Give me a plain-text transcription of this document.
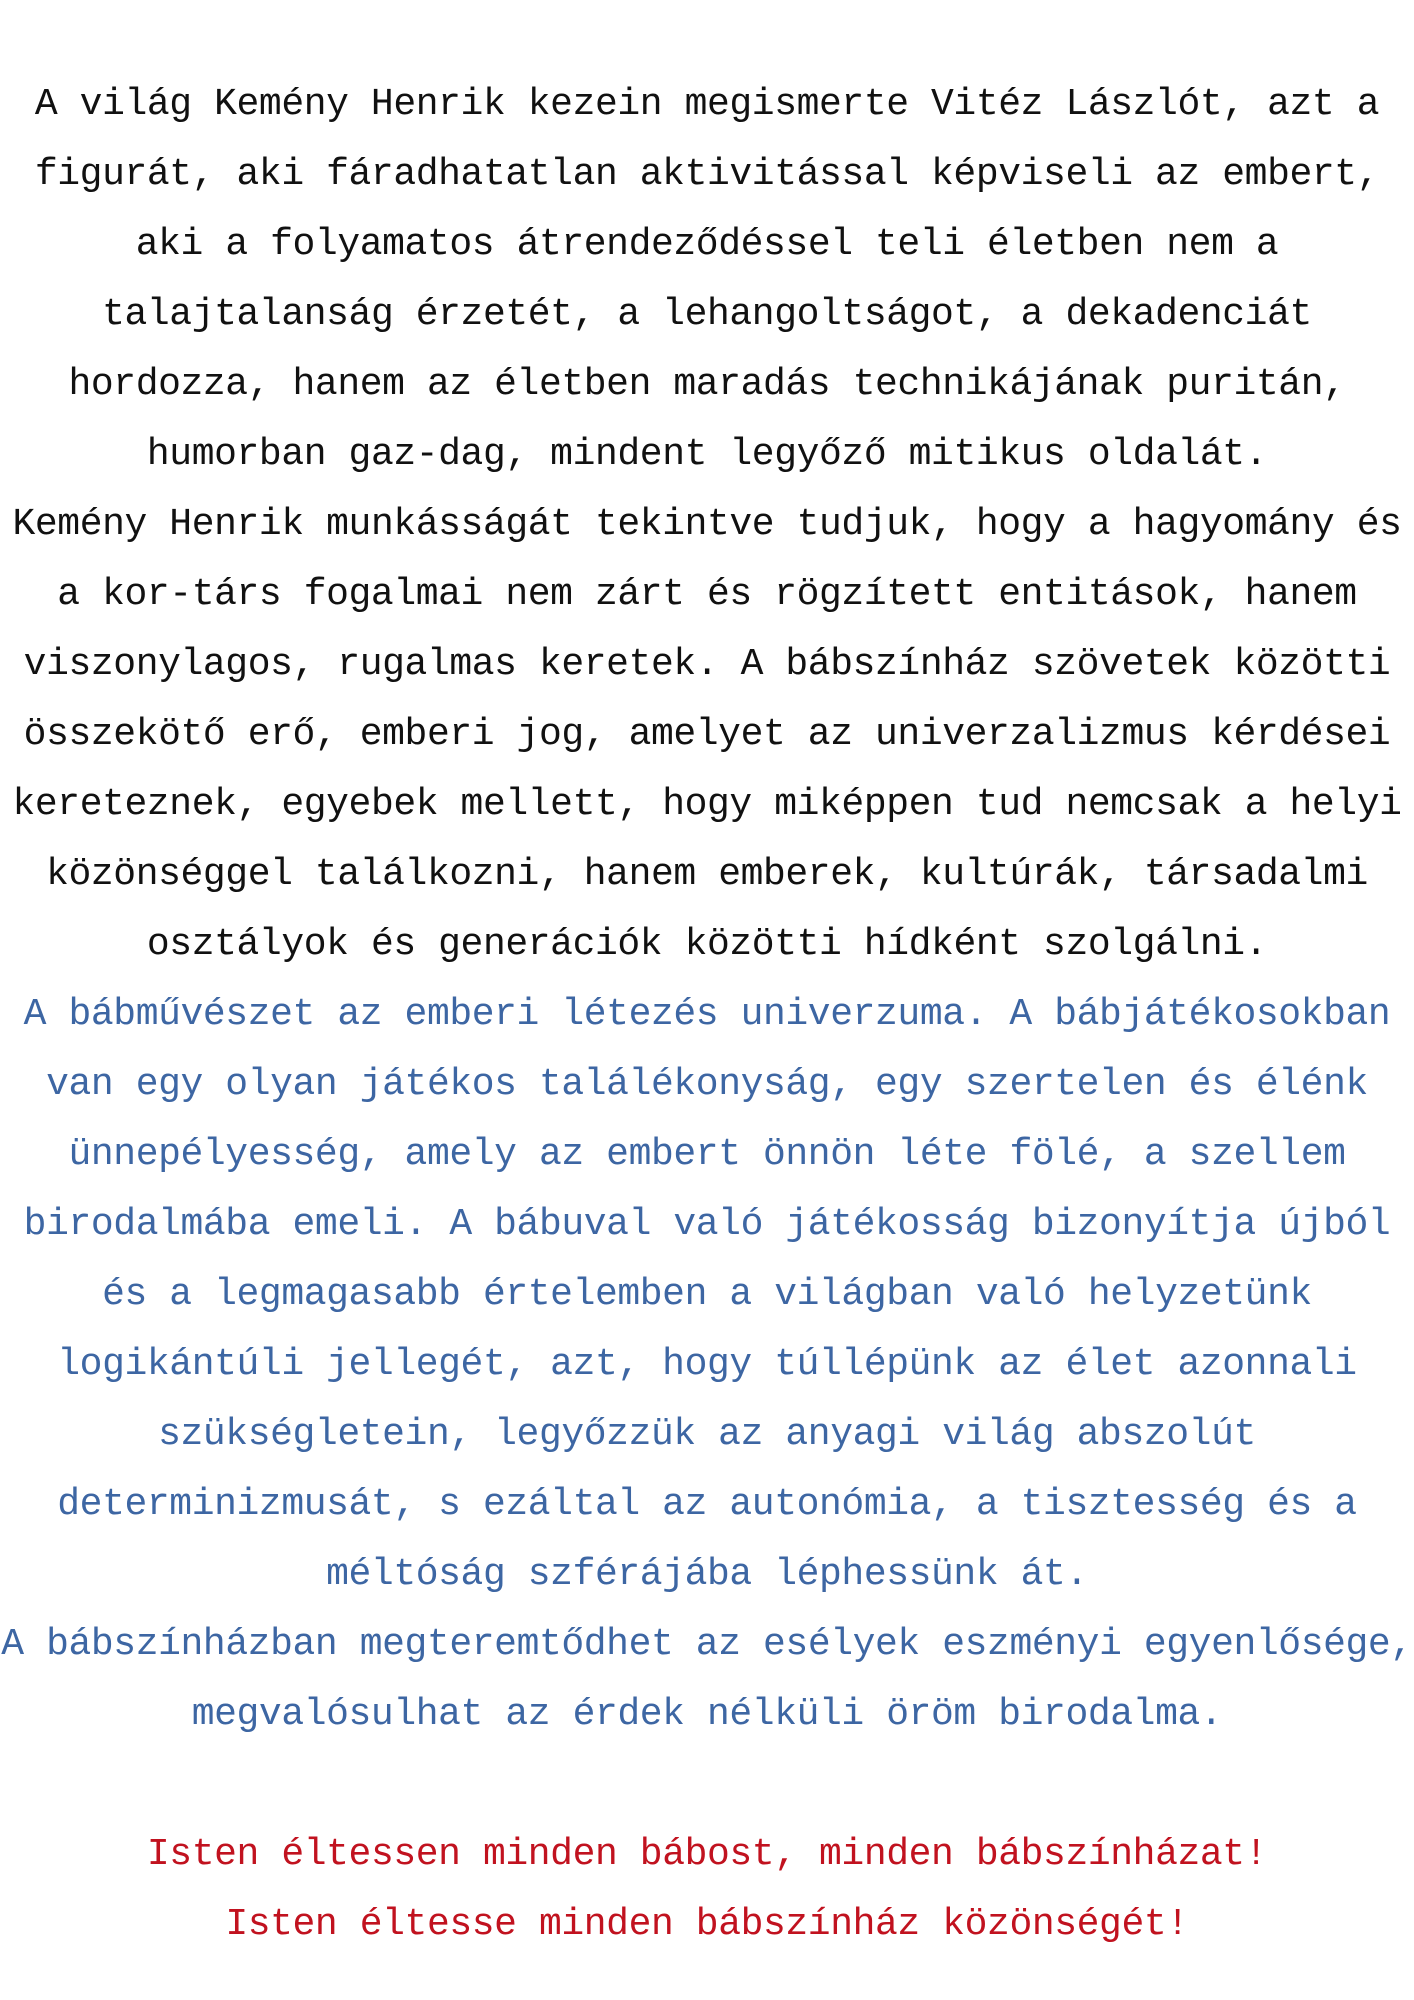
A világ Kemény Henrik kezein megismerte Vitéz Lászlót, azt a
figurát, aki fáradhatatlan aktivitással képviseli az embert,
aki a folyamatos átrendeződéssel teli életben nem a
talajtalanság érzetét, a lehangoltságot, a dekadenciát
hordozza, hanem az életben maradás technikájának puritán,
humorban gaz-dag, mindent legyőző mitikus oldalát.

Kemény Henrik munkásságát tekintve tudjuk, hogy a hagyomány és
a kor-társ fogalmai nem zárt és rögzített entitások, hanem
viszonylagos, rugalmas keretek. A bábszínház szövetek közötti
összekötő erő, emberi jog, amelyet az univerzalizmus kérdései
kereteznek, egyebek mellett, hogy miképpen tud nemcsak a helyi
közönséggel találkozni, hanem emberek, kultúrák, társadalmi
osztályok és generációk közötti hídként szolgálni.

A bábművészet az emberi létezés univerzuma. A bábjátékosokban
van egy olyan játékos találékonyság, egy szertelen és élénk
ünnepélyesség, amely az embert önnön léte fölé, a szellem
birodalmába emeli. A bábuval való játékosság bizonyítja újból
és a legmagasabb értelemben a világban való helyzetünk
logikántúli jellegét, azt, hogy túllépünk az élet azonnali
szükségletein, legyőzzük az anyagi világ abszolút
determinizmusát, s ezáltal az autonómia, a tisztesség és a
méltóság szférájába léphessünk át.

A bábszínházban megteremtődhet az esélyek eszményi egyenlősége,
megvalósulhat az érdek nélküli öröm birodalma.

Isten éltessen minden bábost, minden bábszínházat!
Isten éltesse minden bábszínház közönségét!
